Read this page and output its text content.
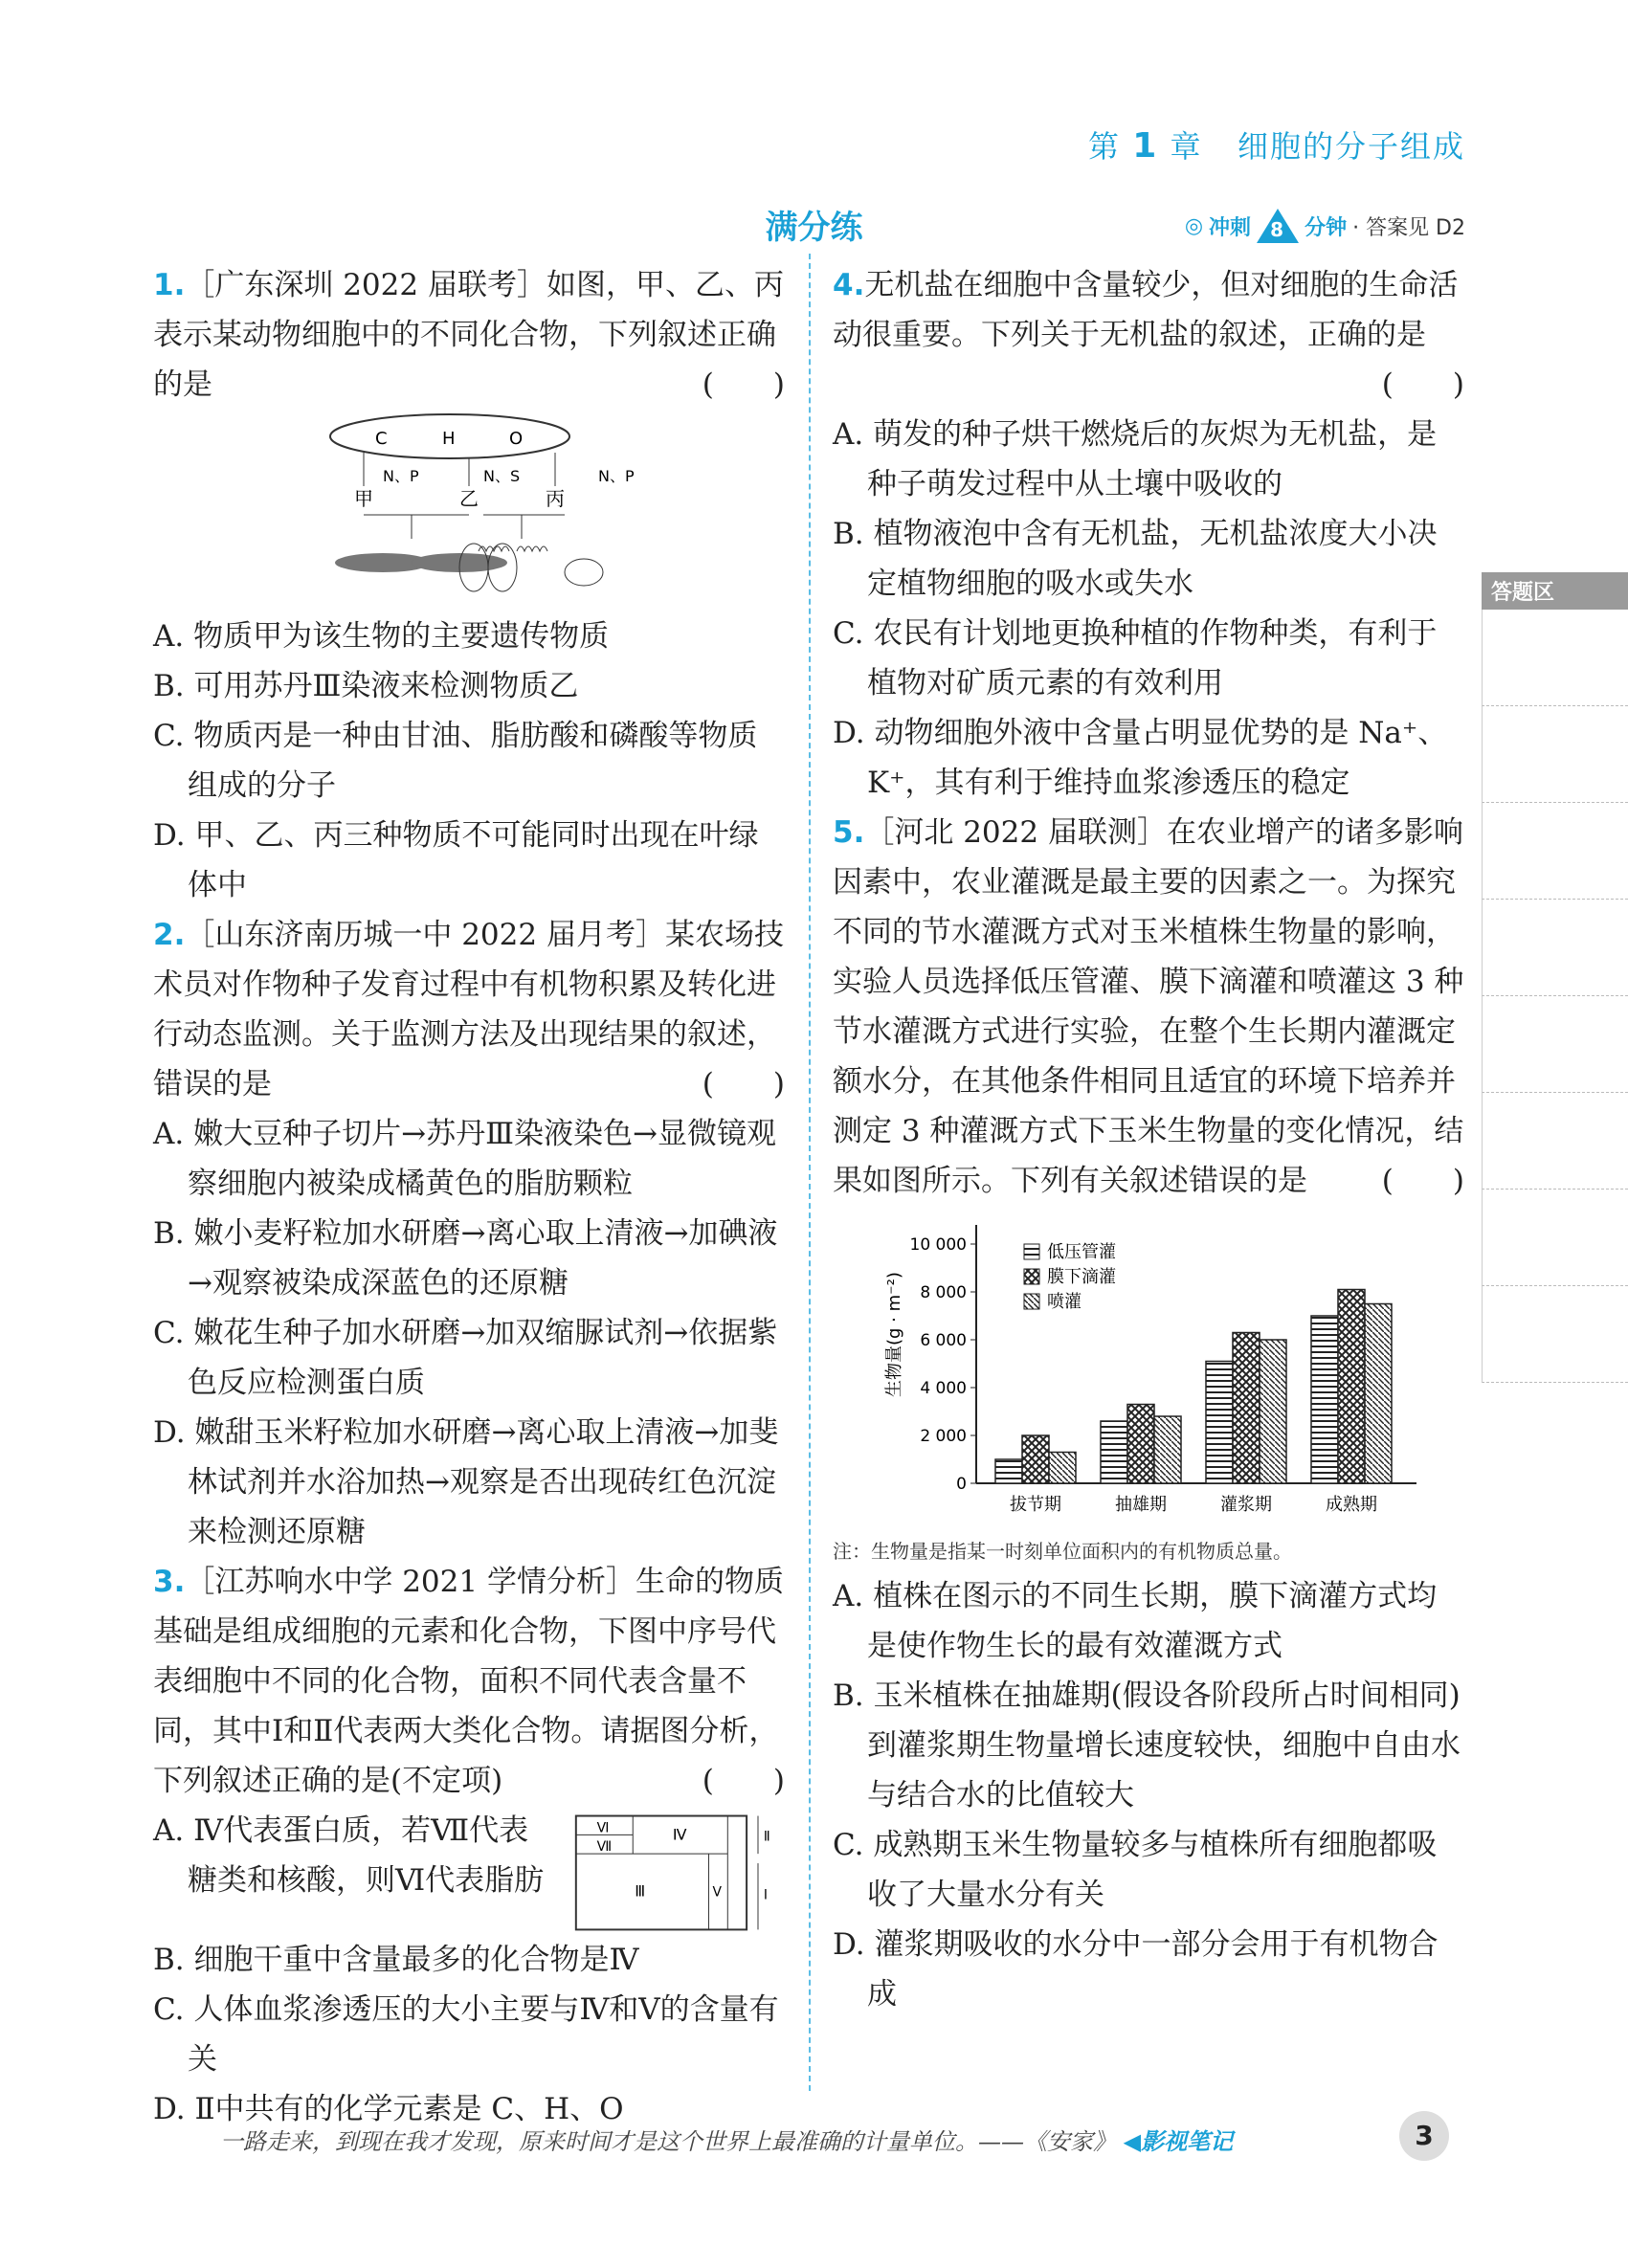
第 1 章 细胞的分子组成
满分练	◎ 冲刺 8 分钟 · 答案见 D2
答题区

1.［广东深圳 2022 届联考］如图，甲、乙、丙表示某动物细胞中的不同化合物，下列叙述正确的是	(　　)

C	H	O
N、P	N、S	N、P
甲	乙	丙

A. 物质甲为该生物的主要遗传物质

B. 可用苏丹Ⅲ染液来检测物质乙

C. 物质丙是一种由甘油、脂肪酸和磷酸等物质组成的分子

D. 甲、乙、丙三种物质不可能同时出现在叶绿体中

2.［山东济南历城一中 2022 届月考］某农场技术员对作物种子发育过程中有机物积累及转化进行动态监测。关于监测方法及出现结果的叙述，错误的是	(　　)

A. 嫩大豆种子切片→苏丹Ⅲ染液染色→显微镜观察细胞内被染成橘黄色的脂肪颗粒

B. 嫩小麦籽粒加水研磨→离心取上清液→加碘液→观察被染成深蓝色的还原糖

C. 嫩花生种子加水研磨→加双缩脲试剂→依据紫色反应检测蛋白质

D. 嫩甜玉米籽粒加水研磨→离心取上清液→加斐林试剂并水浴加热→观察是否出现砖红色沉淀来检测还原糖

3.［江苏响水中学 2021 学情分析］生命的物质基础是组成细胞的元素和化合物，下图中序号代表细胞中不同的化合物，面积不同代表含量不同，其中Ⅰ和Ⅱ代表两大类化合物。请据图分析，下列叙述正确的是(不定项)	(　　)

A. Ⅳ代表蛋白质，若Ⅶ代表糖类和核酸，则Ⅵ代表脂肪

Ⅵ
Ⅶ
Ⅳ
Ⅲ	Ⅴ
Ⅱ
Ⅰ

B. 细胞干重中含量最多的化合物是Ⅳ

C. 人体血浆渗透压的大小主要与Ⅳ和Ⅴ的含量有关

D. Ⅱ中共有的化学元素是 C、H、O

4.无机盐在细胞中含量较少，但对细胞的生命活动很重要。下列关于无机盐的叙述，正确的是

(　　)

A. 萌发的种子烘干燃烧后的灰烬为无机盐，是种子萌发过程中从土壤中吸收的

B. 植物液泡中含有无机盐，无机盐浓度大小决定植物细胞的吸水或失水

C. 农民有计划地更换种植的作物种类，有利于植物对矿质元素的有效利用

D. 动物细胞外液中含量占明显优势的是 Na⁺、K⁺，其有利于维持血浆渗透压的稳定

5.［河北 2022 届联测］在农业增产的诸多影响因素中，农业灌溉是最主要的因素之一。为探究不同的节水灌溉方式对玉米植株生物量的影响，实验人员选择低压管灌、膜下滴灌和喷灌这 3 种节水灌溉方式进行实验，在整个生长期内灌溉定额水分，在其他条件相同且适宜的环境下培养并测定 3 种灌溉方式下玉米生物量的变化情况，结果如图所示。下列有关叙述错误的是	(　　)

0
2 000
4 000
6 000
8 000
10 000
拔节期	抽雄期	灌浆期	成熟期
低压管灌
膜下滴灌
喷灌
生物量(g · m⁻²)

注：生物量是指某一时刻单位面积内的有机物质总量。

A. 植株在图示的不同生长期，膜下滴灌方式均是使作物生长的最有效灌溉方式

B. 玉米植株在抽雄期(假设各阶段所占时间相同)到灌浆期生物量增长速度较快，细胞中自由水与结合水的比值较大

C. 成熟期玉米生物量较多与植株所有细胞都吸收了大量水分有关

D. 灌浆期吸收的水分中一部分会用于有机物合成

一路走来，到现在我才发现，原来时间才是这个世界上最准确的计量单位。——《安家》 ◀影视笔记	3
